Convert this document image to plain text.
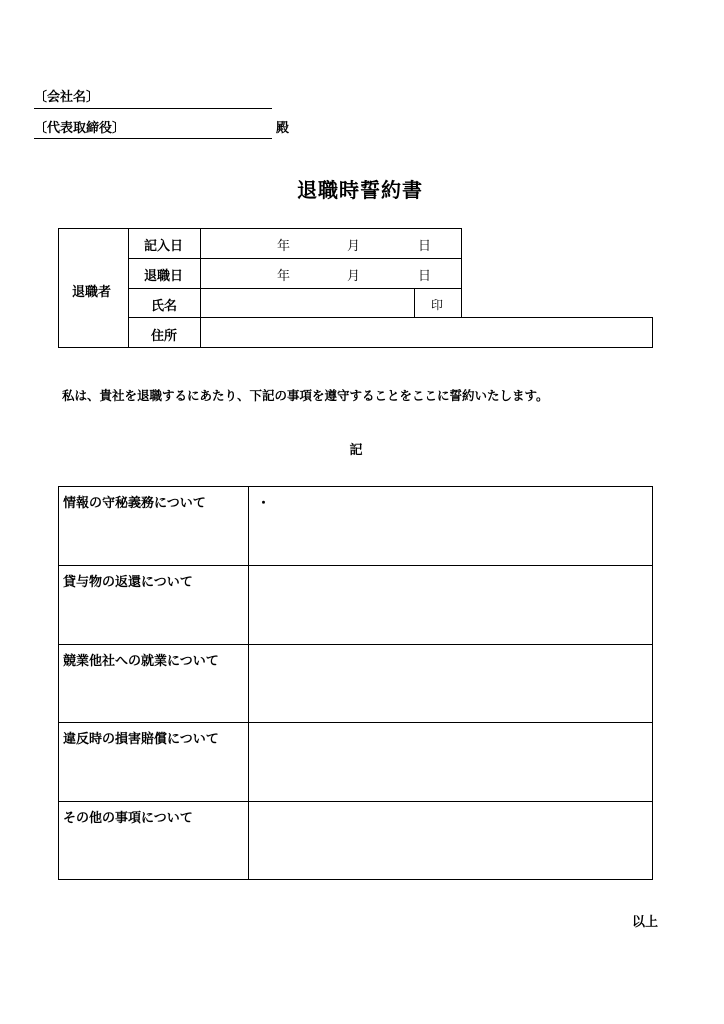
〔会社名〕
〔代表取締役〕	殿
退職時誓約書
退職者
記入日	年	月	日
退職日	年	月	日
氏名	印
住所
私は、貴社を退職するにあたり、下記の事項を遵守することをここに誓約いたします。
記
情報の守秘義務について	・
貸与物の返還について
競業他社への就業について
違反時の損害賠償について
その他の事項について
以上
